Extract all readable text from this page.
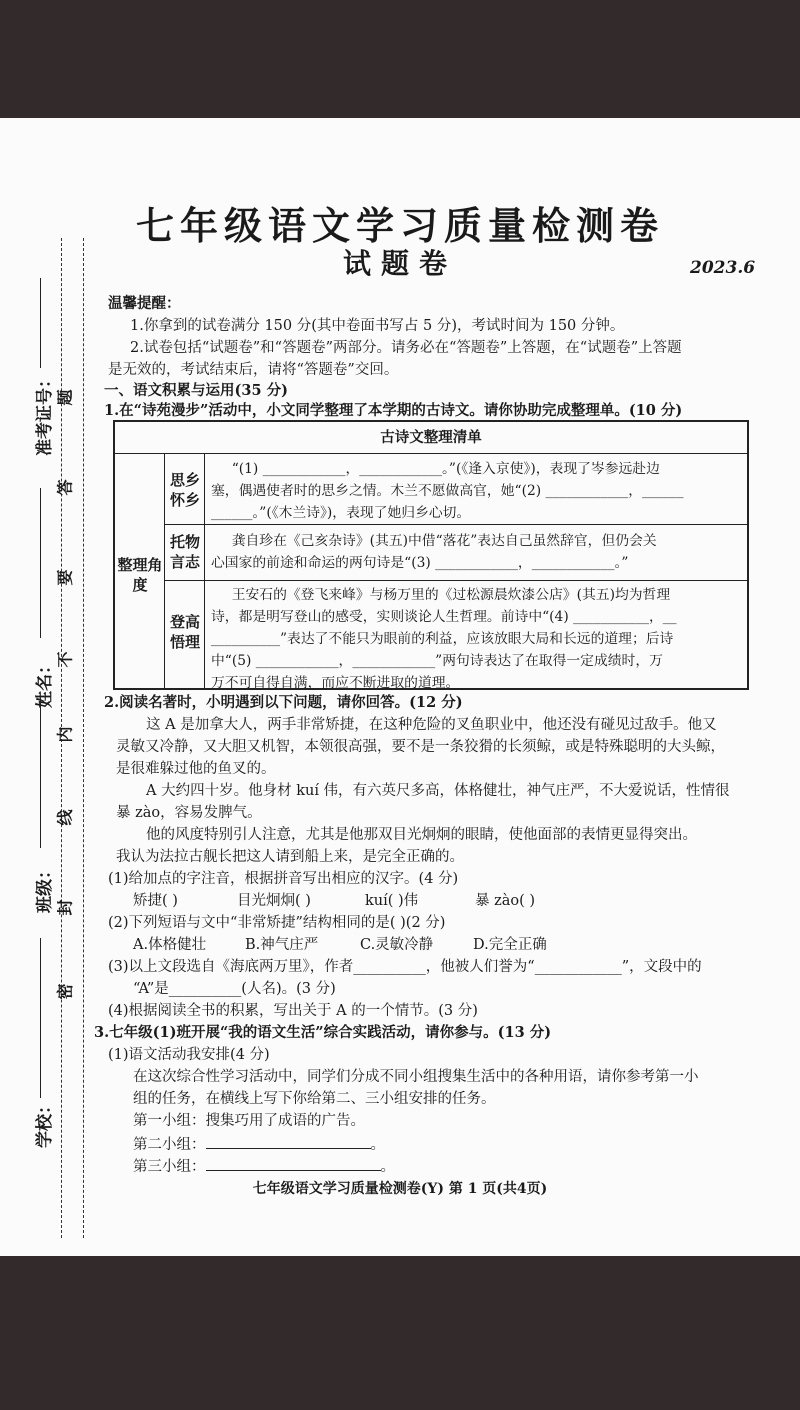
准考证号：
姓名：
班级：
学校：
题
答
要
不
内
线
封
密
七年级语文学习质量检测卷
试题卷	2023.6
温馨提醒：
1.你拿到的试卷满分 150 分(其中卷面书写占 5 分)，考试时间为 150 分钟。
2.试卷包括“试题卷”和“答题卷”两部分。请务必在“答题卷”上答题，在“试题卷”上答题
是无效的，考试结束后，请将“答题卷”交回。
一、语文积累与运用(35 分)
1.在“诗苑漫步”活动中，小文同学整理了本学期的古诗文。请你协助完成整理单。(10 分)
古诗文整理清单
整理角度
思乡怀乡
“(1) ____________，____________。”(《逢入京使》)，表现了岑参远赴边
塞，偶遇使者时的思乡之情。木兰不愿做高官，她“(2) ____________，______
______。”(《木兰诗》)，表现了她归乡心切。
托物言志
龚自珍在《己亥杂诗》(其五)中借“落花”表达自己虽然辞官，但仍会关
心国家的前途和命运的两句诗是“(3) ____________，____________。”
登高悟理
王安石的《登飞来峰》与杨万里的《过松源晨炊漆公店》(其五)均为哲理
诗，都是明写登山的感受，实则谈论人生哲理。前诗中“(4) ___________，__
__________”表达了不能只为眼前的利益，应该放眼大局和长远的道理；后诗
中“(5) ____________，____________”两句诗表达了在取得一定成绩时，万
万不可自得自满，而应不断进取的道理。
2.阅读名著时，小明遇到以下问题，请你回答。(12 分)
这 A 是加拿大人，两手非常矫捷，在这种危险的叉鱼职业中，他还没有碰见过敌手。他又
灵敏又冷静，又大胆又机智，本领很高强，要不是一条狡猾的长须鲸，或是特殊聪明的大头鲸，
是很难躲过他的鱼叉的。
A 大约四十岁。他身材 kuí 伟，有六英尺多高，体格健壮，神气庄严，不大爱说话，性情很
暴 zào，容易发脾气。
他的风度特别引人注意，尤其是他那双目光炯炯的眼睛，使他面部的表情更显得突出。
我认为法拉古舰长把这人请到船上来，是完全正确的。
(1)给加点的字注音，根据拼音写出相应的汉字。(4 分)
矫捷( )	目光炯炯( )	kuí( )伟	暴 zào( )
(2)下列短语与文中“非常矫捷”结构相同的是( )(2 分)
A.体格健壮	B.神气庄严	C.灵敏冷静	D.完全正确
(3)以上文段选自《海底两万里》，作者__________，他被人们誉为“____________”，文段中的
“A”是__________(人名)。(3 分)
(4)根据阅读全书的积累，写出关于 A 的一个情节。(3 分)
3.七年级(1)班开展“我的语文生活”综合实践活动，请你参与。(13 分)
(1)语文活动我安排(4 分)
在这次综合性学习活动中，同学们分成不同小组搜集生活中的各种用语，请你参考第一小
组的任务，在横线上写下你给第二、三小组安排的任务。
第一小组：搜集巧用了成语的广告。
第二小组：	。
第三小组：	。
七年级语文学习质量检测卷(Y) 第 1 页(共4页)
